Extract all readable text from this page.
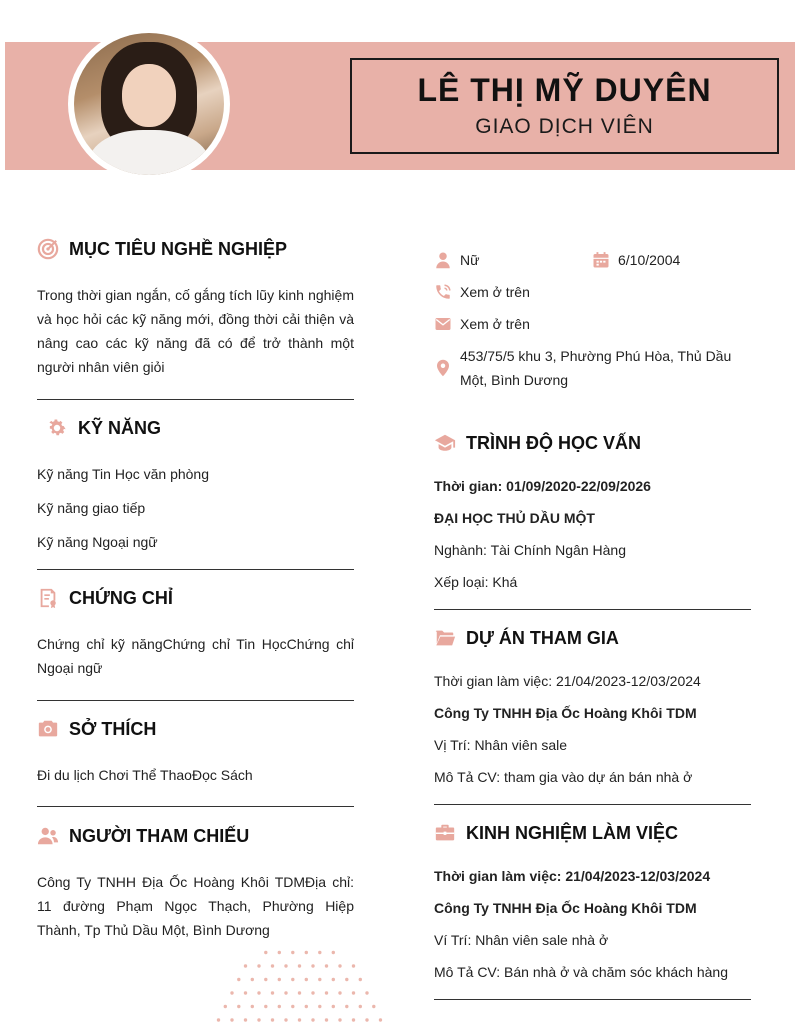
LÊ THỊ MỸ DUYÊN
GIAO DỊCH VIÊN
MỤC TIÊU NGHỀ NGHIỆP
Trong thời gian ngắn, cố gắng tích lũy kinh nghiệm và học hỏi các kỹ năng mới, đồng thời cải thiện và nâng cao các kỹ năng đã có để trở thành một người nhân viên giỏi
KỸ NĂNG
Kỹ năng Tin Học văn phòng
Kỹ năng giao tiếp
Kỹ năng Ngoại ngữ
CHỨNG CHỈ
Chứng chỉ kỹ năngChứng chỉ Tin HọcChứng chỉ Ngoại ngữ
SỞ THÍCH
Đi du lịch Chơi Thể ThaoĐọc Sách
NGƯỜI THAM CHIẾU
Công Ty TNHH Địa Ốc Hoàng Khôi TDMĐịa chỉ: 11 đường Phạm Ngọc Thạch, Phường Hiệp Thành, Tp Thủ Dầu Một, Bình Dương
Nữ	6/10/2004
Xem ở trên
Xem ở trên
453/75/5 khu 3, Phường Phú Hòa, Thủ Dầu Một, Bình Dương
TRÌNH ĐỘ HỌC VẤN
Thời gian: 01/09/2020-22/09/2026
ĐẠI HỌC THỦ DẦU MỘT
Nghành: Tài Chính Ngân Hàng
Xếp loại: Khá
DỰ ÁN THAM GIA
Thời gian làm việc: 21/04/2023-12/03/2024
Công Ty TNHH Địa Ốc Hoàng Khôi TDM
Vị Trí: Nhân viên sale
Mô Tả CV: tham gia vào dự án bán nhà ở
KINH NGHIỆM LÀM VIỆC
Thời gian làm việc: 21/04/2023-12/03/2024
Công Ty TNHH Địa Ốc Hoàng Khôi TDM
Ví Trí: Nhân viên sale nhà ở
Mô Tả CV: Bán nhà ở và chăm sóc khách hàng
